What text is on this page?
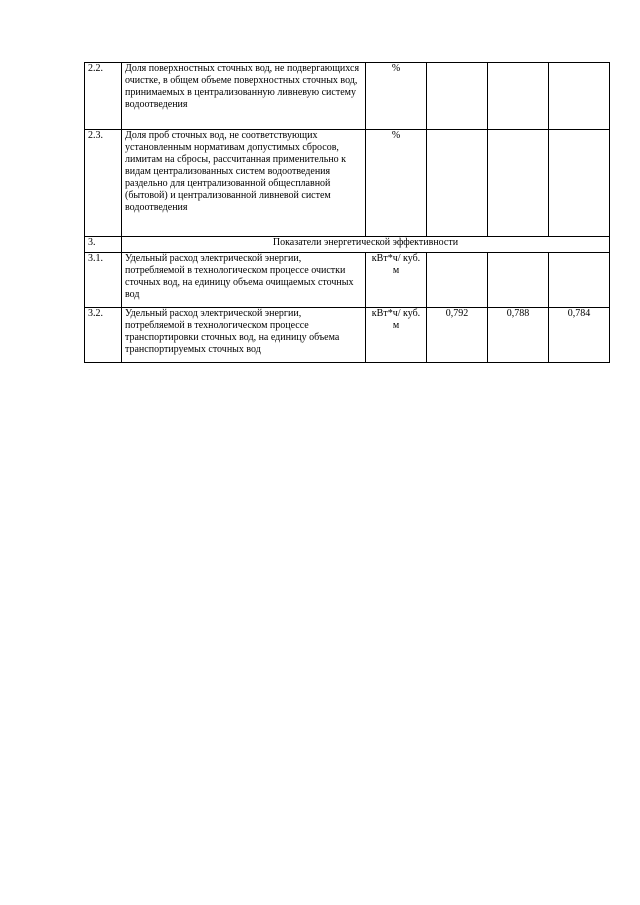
2.2.	Доля поверхностных сточных вод, не подвергающихся очистке, в общем объеме поверхностных сточных вод, принимаемых в централизованную ливневую систему водоотведения	%			
2.3.	Доля проб сточных вод, не соответствующих установленным нормативам допустимых сбросов, лимитам на сбросы, рассчитанная применительно к видам централизованных систем водоотведения раздельно для централизованной общесплавной (бытовой) и централизованной ливневой систем водоотведения	%			
3.	Показатели энергетической эффективности				
3.1.	Удельный расход электрической энергии, потребляемой в технологическом процессе очистки сточных вод, на единицу объема очищаемых сточных вод	кВт*ч/ куб. м			
3.2.	Удельный расход электрической энергии, потребляемой в технологическом процессе транспортировки сточных вод, на единицу объема транспортируемых сточных вод	кВт*ч/ куб. м	0,792	0,788	0,784
